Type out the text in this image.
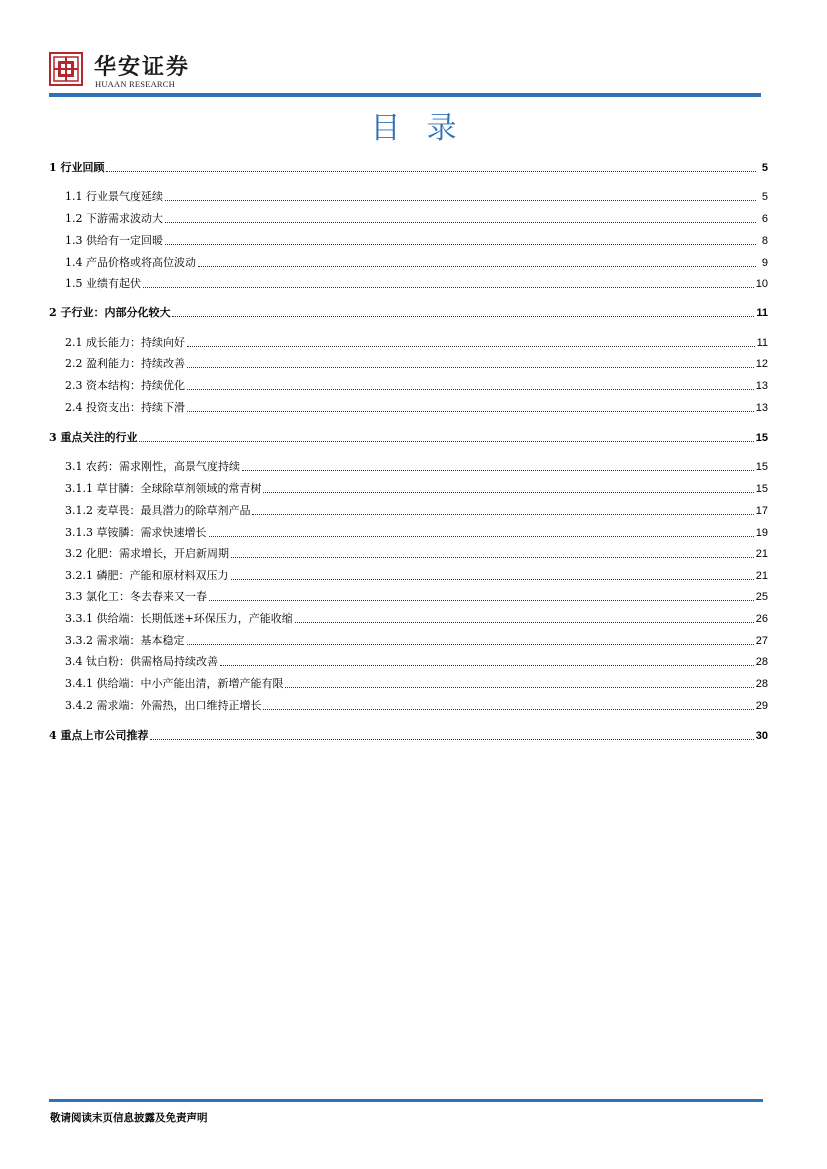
华安证券
HUAAN RESEARCH
目录
1 行业回顾	5
1.1 行业景气度延续	5
1.2 下游需求波动大	6
1.3 供给有一定回暖	8
1.4 产品价格或将高位波动	9
1.5 业绩有起伏	10
2 子行业：内部分化较大	11
2.1 成长能力：持续向好	11
2.2 盈利能力：持续改善	12
2.3 资本结构：持续优化	13
2.4 投资支出：持续下滑	13
3 重点关注的行业	15
3.1 农药：需求刚性，高景气度持续	15
3.1.1 草甘膦：全球除草剂领域的常青树	15
3.1.2 麦草畏：最具潜力的除草剂产品	17
3.1.3 草铵膦：需求快速增长	19
3.2 化肥：需求增长，开启新周期	21
3.2.1 磷肥：产能和原材料双压力	21
3.3 氯化工：冬去春来又一春	25
3.3.1 供给端：长期低迷+环保压力，产能收缩	26
3.3.2 需求端：基本稳定	27
3.4 钛白粉：供需格局持续改善	28
3.4.1 供给端：中小产能出清，新增产能有限	28
3.4.2 需求端：外需热，出口维持正增长	29
4 重点上市公司推荐	30
敬请阅读末页信息披露及免责声明
